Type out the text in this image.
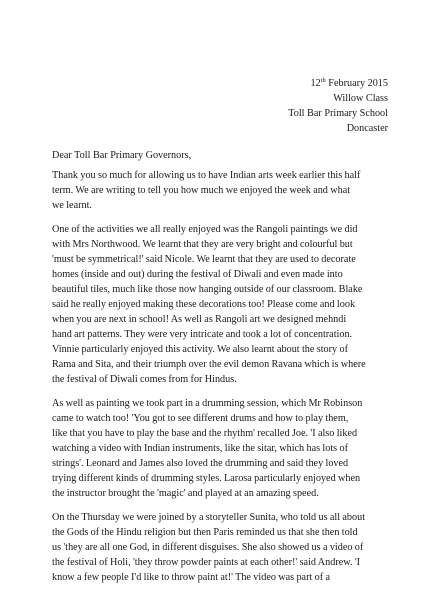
12th February 2015
Willow Class
Toll Bar Primary School
Doncaster
Dear Toll Bar Primary Governors,
Thank you so much for allowing us to have Indian arts week earlier this half
term. We are writing to tell you how much we enjoyed the week and what
we learnt.
One of the activities we all really enjoyed was the Rangoli paintings we did
with Mrs Northwood. We learnt that they are very bright and colourful but
'must be symmetrical!' said Nicole. We learnt that they are used to decorate
homes (inside and out) during the festival of Diwali and even made into
beautiful tiles, much like those now hanging outside of our classroom. Blake
said he really enjoyed making these decorations too! Please come and look
when you are next in school! As well as Rangoli art we designed mehndi
hand art patterns. They were very intricate and took a lot of concentration.
Vinnie particularly enjoyed this activity. We also learnt about the story of
Rama and Sita, and their triumph over the evil demon Ravana which is where
the festival of Diwali comes from for Hindus.
As well as painting we took part in a drumming session, which Mr Robinson
came to watch too! 'You got to see different drums and how to play them,
like that you have to play the base and the rhythm' recalled Joe. 'I also liked
watching a video with Indian instruments, like the sitar, which has lots of
strings'. Leonard and James also loved the drumming and said they loved
trying different kinds of drumming styles. Larosa particularly enjoyed when
the instructor brought the 'magic' and played at an amazing speed.
On the Thursday we were joined by a storyteller Sunita, who told us all about
the Gods of the Hindu religion but then Paris reminded us that she then told
us 'they are all one God, in different disguises. She also showed us a video of
the festival of Holi, 'they throw powder paints at each other!' said Andrew. 'I
know a few people I'd like to throw paint at!' The video was part of a
